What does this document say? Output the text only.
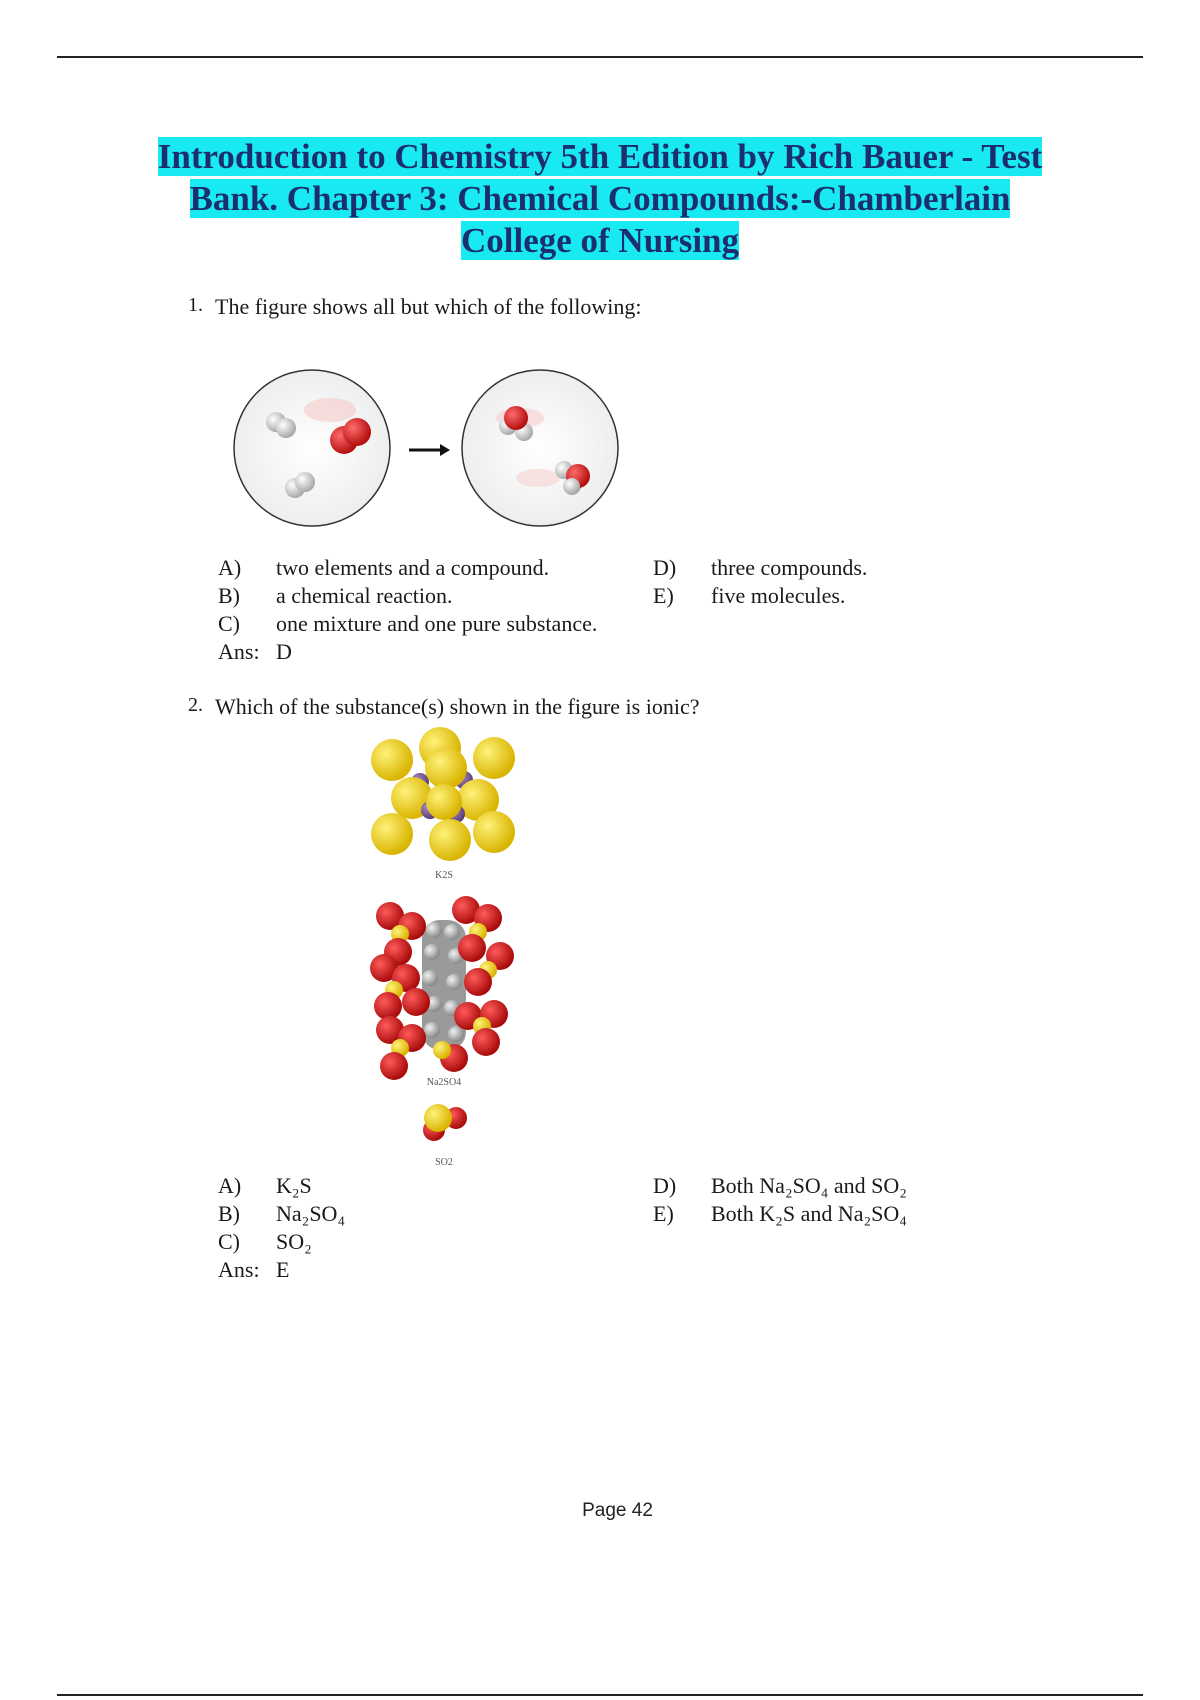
Introduction to Chemistry 5th Edition by Rich Bauer - Test Bank. Chapter 3: Chemical Compounds:-Chamberlain College of Nursing
1. The figure shows all but which of the following:
A)	two elements and a compound.
B)	a chemical reaction.
C)	one mixture and one pure substance.
Ans: D
D)	three compounds.
E)	five molecules.
2. Which of the substance(s) shown in the figure is ionic?
K2S
Na2SO4
SO2
A)	K₂S
B)	Na₂SO₄
C)	SO₂
Ans: E
D)	Both Na₂SO₄ and SO₂
E)	Both K₂S and Na₂SO₄
Page 42
